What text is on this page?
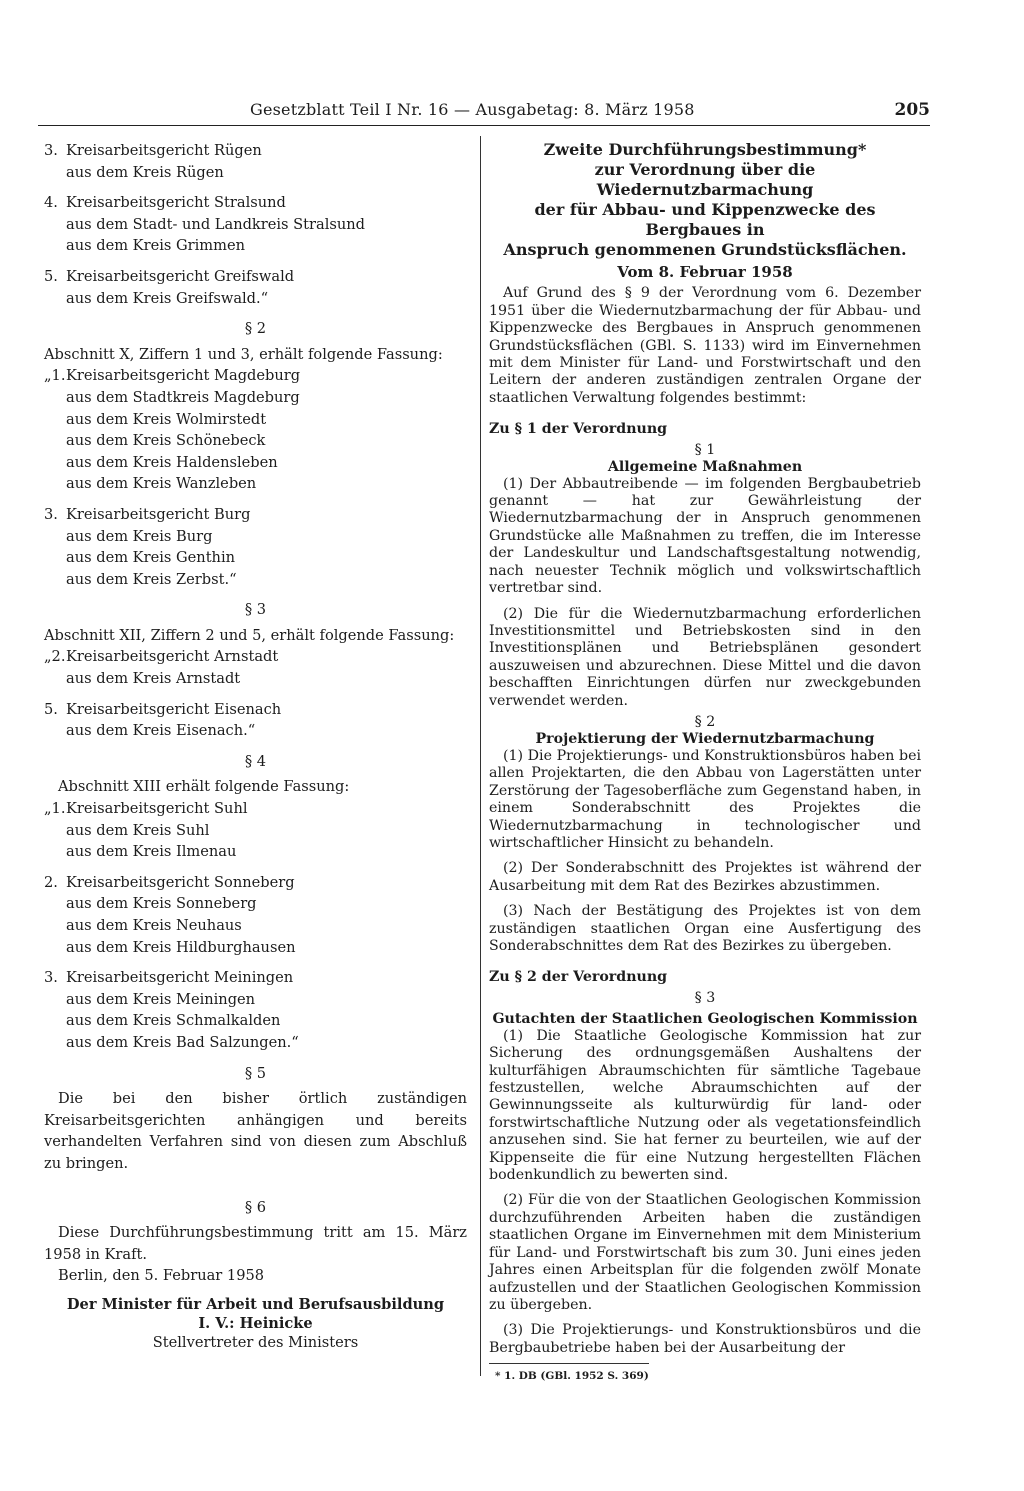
Gesetzblatt Teil I Nr. 16 — Ausgabetag: 8. März 1958	205
3. Kreisarbeitsgericht Rügen
aus dem Kreis Rügen
4. Kreisarbeitsgericht Stralsund
aus dem Stadt- und Landkreis Stralsund
aus dem Kreis Grimmen
5. Kreisarbeitsgericht Greifswald
aus dem Kreis Greifswald.“
§ 2
Abschnitt X, Ziffern 1 und 3, erhält folgende Fassung:
„1.Kreisarbeitsgericht Magdeburg
aus dem Stadtkreis Magdeburg
aus dem Kreis Wolmirstedt
aus dem Kreis Schönebeck
aus dem Kreis Haldensleben
aus dem Kreis Wanzleben
3. Kreisarbeitsgericht Burg
aus dem Kreis Burg
aus dem Kreis Genthin
aus dem Kreis Zerbst.“
§ 3
Abschnitt XII, Ziffern 2 und 5, erhält folgende Fassung:
„2.Kreisarbeitsgericht Arnstadt
aus dem Kreis Arnstadt
5. Kreisarbeitsgericht Eisenach
aus dem Kreis Eisenach.“
§ 4
Abschnitt XIII erhält folgende Fassung:
„1.Kreisarbeitsgericht Suhl
aus dem Kreis Suhl
aus dem Kreis Ilmenau
2. Kreisarbeitsgericht Sonneberg
aus dem Kreis Sonneberg
aus dem Kreis Neuhaus
aus dem Kreis Hildburghausen
3. Kreisarbeitsgericht Meiningen
aus dem Kreis Meiningen
aus dem Kreis Schmalkalden
aus dem Kreis Bad Salzungen.“
§ 5
Die bei den bisher örtlich zuständigen Kreisarbeitsgerichten anhängigen und bereits verhandelten Verfahren sind von diesen zum Abschluß zu bringen.
§ 6
Diese Durchführungsbestimmung tritt am 15. März 1958 in Kraft.
Berlin, den 5. Februar 1958
Der Minister für Arbeit und Berufsausbildung
I. V.: Heinicke
Stellvertreter des Ministers
Zweite Durchführungsbestimmung*
zur Verordnung über die Wiedernutzbarmachung
der für Abbau- und Kippenzwecke des Bergbaues in
Anspruch genommenen Grundstücksflächen.
Vom 8. Februar 1958
Auf Grund des § 9 der Verordnung vom 6. Dezember 1951 über die Wiedernutzbarmachung der für Abbau- und Kippenzwecke des Bergbaues in Anspruch genommenen Grundstücksflächen (GBl. S. 1133) wird im Einvernehmen mit dem Minister für Land- und Forstwirtschaft und den Leitern der anderen zuständigen zentralen Organe der staatlichen Verwaltung folgendes bestimmt:
Zu § 1 der Verordnung
§ 1
Allgemeine Maßnahmen
(1) Der Abbautreibende — im folgenden Bergbaubetrieb genannt — hat zur Gewährleistung der Wiedernutzbarmachung der in Anspruch genommenen Grundstücke alle Maßnahmen zu treffen, die im Interesse der Landeskultur und Landschaftsgestaltung notwendig, nach neuester Technik möglich und volkswirtschaftlich vertretbar sind.
(2) Die für die Wiedernutzbarmachung erforderlichen Investitionsmittel und Betriebskosten sind in den Investitionsplänen und Betriebsplänen gesondert auszuweisen und abzurechnen. Diese Mittel und die davon beschafften Einrichtungen dürfen nur zweckgebunden verwendet werden.
§ 2
Projektierung der Wiedernutzbarmachung
(1) Die Projektierungs- und Konstruktionsbüros haben bei allen Projektarten, die den Abbau von Lagerstätten unter Zerstörung der Tagesoberfläche zum Gegenstand haben, in einem Sonderabschnitt des Projektes die Wiedernutzbarmachung in technologischer und wirtschaftlicher Hinsicht zu behandeln.
(2) Der Sonderabschnitt des Projektes ist während der Ausarbeitung mit dem Rat des Bezirkes abzustimmen.
(3) Nach der Bestätigung des Projektes ist von dem zuständigen staatlichen Organ eine Ausfertigung des Sonderabschnittes dem Rat des Bezirkes zu übergeben.
Zu § 2 der Verordnung
§ 3
Gutachten der Staatlichen Geologischen Kommission
(1) Die Staatliche Geologische Kommission hat zur Sicherung des ordnungsgemäßen Aushaltens der kulturfähigen Abraumschichten für sämtliche Tagebaue festzustellen, welche Abraumschichten auf der Gewinnungsseite als kulturwürdig für land- oder forstwirtschaftliche Nutzung oder als vegetationsfeindlich anzusehen sind. Sie hat ferner zu beurteilen, wie auf der Kippenseite die für eine Nutzung hergestellten Flächen bodenkundlich zu bewerten sind.
(2) Für die von der Staatlichen Geologischen Kommission durchzuführenden Arbeiten haben die zuständigen staatlichen Organe im Einvernehmen mit dem Ministerium für Land- und Forstwirtschaft bis zum 30. Juni eines jeden Jahres einen Arbeitsplan für die folgenden zwölf Monate aufzustellen und der Staatlichen Geologischen Kommission zu übergeben.
(3) Die Projektierungs- und Konstruktionsbüros und die Bergbaubetriebe haben bei der Ausarbeitung der
* 1. DB (GBl. 1952 S. 369)
